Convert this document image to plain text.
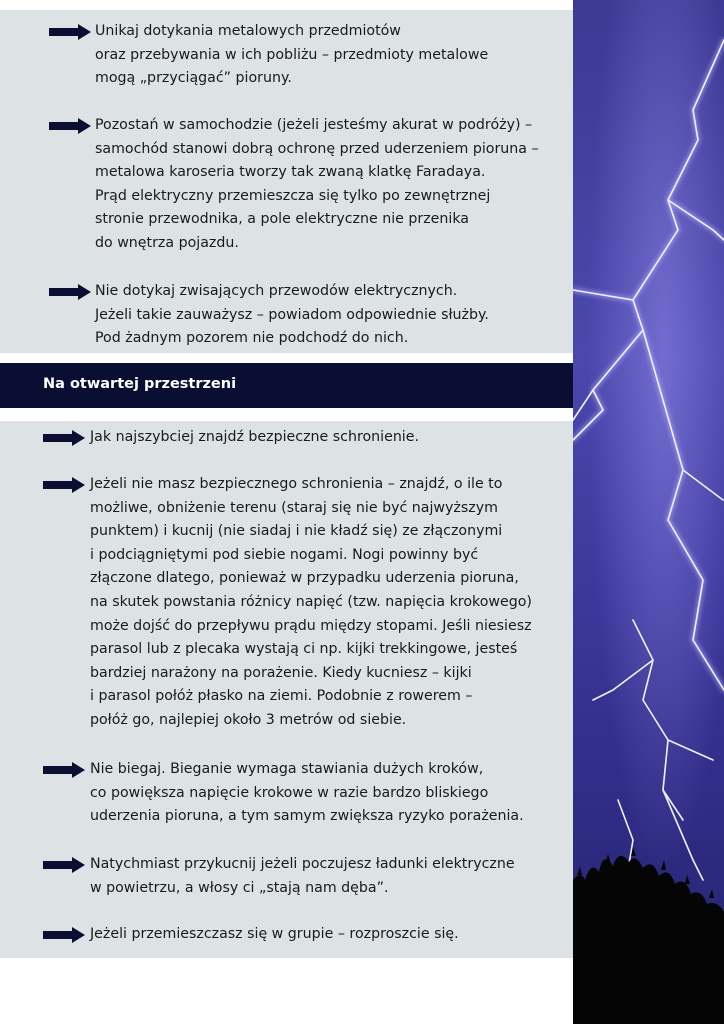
Unikaj dotykania metalowych przedmiotów
oraz przebywania w ich pobliżu – przedmioty metalowe
mogą „przyciągać” pioruny.
Pozostań w samochodzie (jeżeli jesteśmy akurat w podróży) –
samochód stanowi dobrą ochronę przed uderzeniem pioruna –
metalowa karoseria tworzy tak zwaną klatkę Faradaya.
Prąd elektryczny przemieszcza się tylko po zewnętrznej
stronie przewodnika, a pole elektryczne nie przenika
do wnętrza pojazdu.
Nie dotykaj zwisających przewodów elektrycznych.
Jeżeli takie zauważysz – powiadom odpowiednie służby.
Pod żadnym pozorem nie podchodź do nich.
Na otwartej przestrzeni
Jak najszybciej znajdź bezpieczne schronienie.
Jeżeli nie masz bezpiecznego schronienia – znajdź, o ile to
możliwe, obniżenie terenu (staraj się nie być najwyższym
punktem) i kucnij (nie siadaj i nie kładź się) ze złączonymi
i podciągniętymi pod siebie nogami. Nogi powinny być
złączone dlatego, ponieważ w przypadku uderzenia pioruna,
na skutek powstania różnicy napięć (tzw. napięcia krokowego)
może dojść do przepływu prądu między stopami. Jeśli niesiesz
parasol lub z plecaka wystają ci np. kijki trekkingowe, jesteś
bardziej narażony na porażenie. Kiedy kucniesz – kijki
i parasol połóż płasko na ziemi. Podobnie z rowerem –
połóż go, najlepiej około 3 metrów od siebie.
Nie biegaj. Bieganie wymaga stawiania dużych kroków,
co powiększa napięcie krokowe w razie bardzo bliskiego
uderzenia pioruna, a tym samym zwiększa ryzyko porażenia.
Natychmiast przykucnij jeżeli poczujesz ładunki elektryczne
w powietrzu, a włosy ci „stają nam dęba”.
Jeżeli przemieszczasz się w grupie – rozproszcie się.
